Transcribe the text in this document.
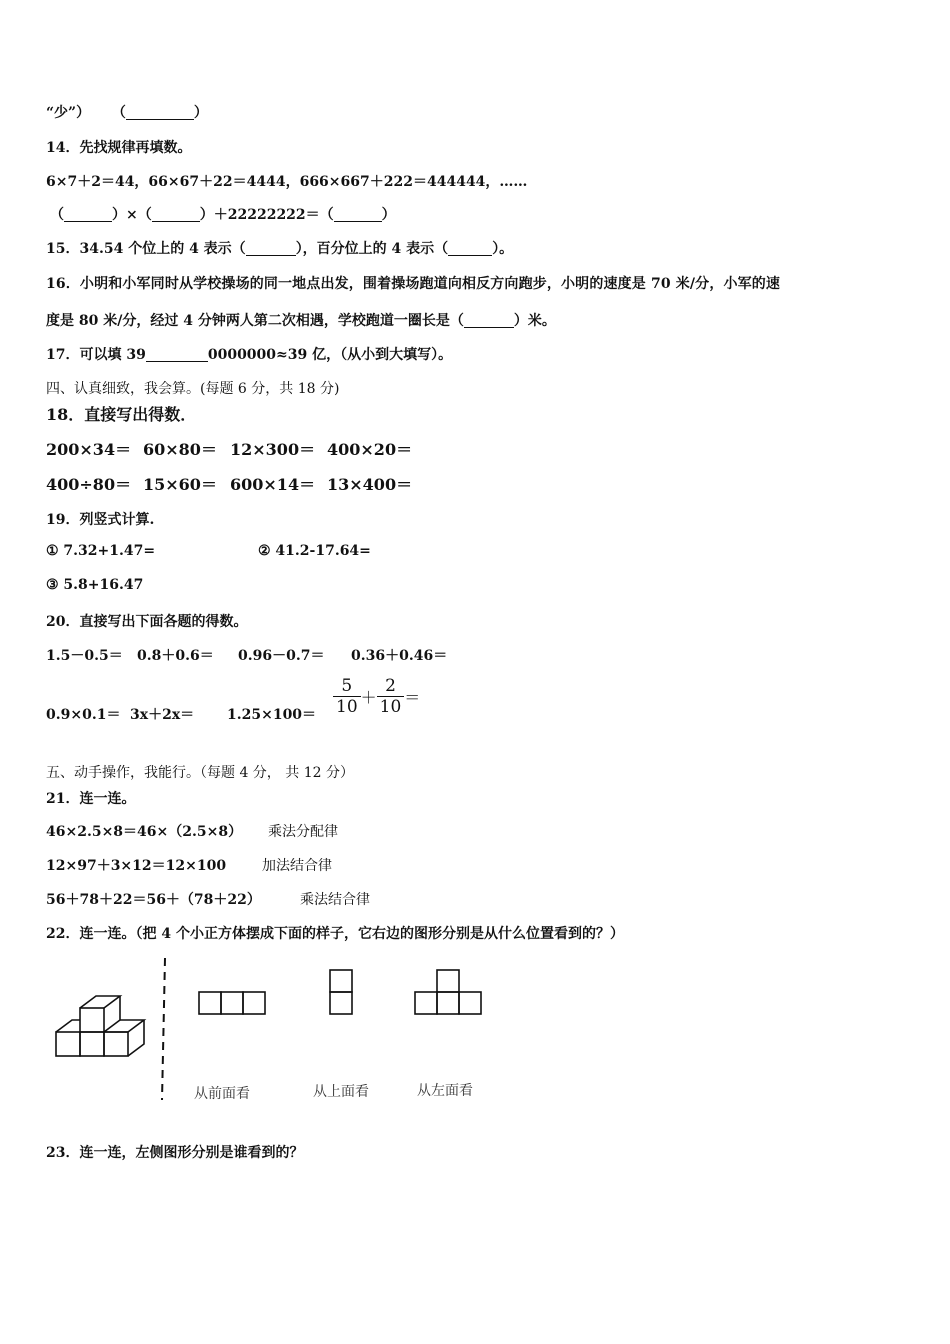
“少”） （	）
14．先找规律再填数。
6×7＋2＝44，66×67＋22＝4444，666×667＋222＝444444，……
（	）×（	）＋22222222＝（	）
15．34.54 个位上的 4 表示（	），百分位上的 4 表示（	）。
16．小明和小军同时从学校操场的同一地点出发，围着操场跑道向相反方向跑步，小明的速度是 70 米/分，小军的速
度是 80 米/分，经过 4 分钟两人第二次相遇，学校跑道一圈长是（	）米。
17．可以填 39	0000000≈39 亿，（从小到大填写）。
四、认真细致，我会算。(每题 6 分，共 18 分)
18．直接写出得数．
200×34＝ 60×80＝ 12×300＝ 400×20＝
400÷80＝ 15×60＝ 600×14＝ 13×400＝
19．列竖式计算.
① 7.32+1.47=	② 41.2-17.64=
③ 5.8+16.47
20．直接写出下面各题的得数。
1.5－0.5＝ 0.8＋0.6＝ 0.96－0.7＝ 0.36＋0.46＝
$0.9\times 0.1= 3x+2x= 1.25\times 100= \frac{5}{10} + \frac{2}{10}$ ＝
五、动手操作，我能行。（每题 4 分， 共 12 分）
21．连一连。
46×2.5×8＝46×（2.5×8） 乘法分配律
12×97＋3×12＝12×100	加法结合律
56＋78＋22＝56＋（78＋22）	乘法结合律
22．连一连。（把 4 个小正方体摆成下面的样子，它右边的图形分别是从什么位置看到的？）
从前面看	从上面看	从左面看
23．连一连，左侧图形分别是谁看到的？
